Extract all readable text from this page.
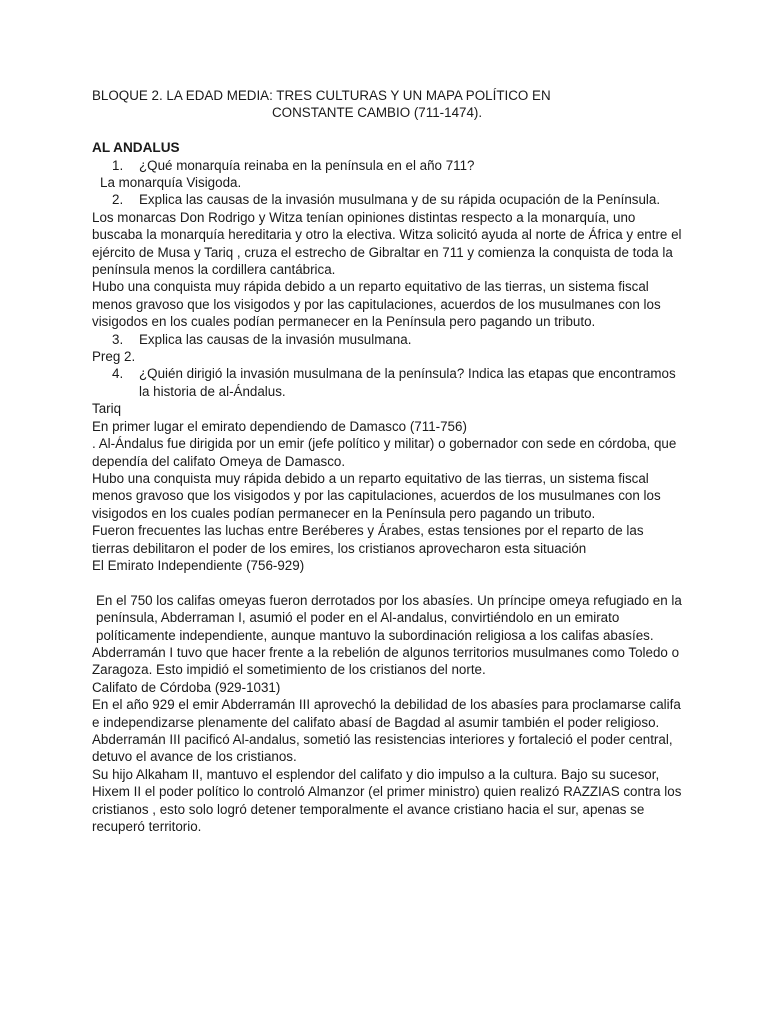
BLOQUE 2. LA EDAD MEDIA: TRES CULTURAS Y UN MAPA POLÍTICO EN
CONSTANTE CAMBIO (711-1474).
AL ANDALUS
1.	¿Qué monarquía reinaba en la península en el año 711?
La monarquía Visigoda.
2.	Explica las causas de la invasión musulmana y de su rápida ocupación de la Península.
Los monarcas Don Rodrigo y Witza tenían opiniones distintas respecto a la monarquía, uno buscaba la monarquía hereditaria y otro la electiva. Witza solicitó ayuda al norte de África y entre el ejército de Musa y Tariq , cruza el estrecho de Gibraltar en 711 y comienza la conquista de toda la península menos la cordillera cantábrica.
Hubo una conquista muy rápida debido a un reparto equitativo de las tierras, un sistema fiscal menos gravoso que los visigodos y por las capitulaciones, acuerdos de los musulmanes con los visigodos en los cuales podían permanecer en la Península pero pagando un tributo.
3.	Explica las causas de la invasión musulmana.
Preg 2.
4.	¿Quién dirigió la invasión musulmana de la península? Indica las etapas que encontramos la historia de al-Ándalus.
Tariq
En primer lugar el emirato dependiendo de Damasco (711-756)
. Al-Ándalus fue dirigida por un emir (jefe político y militar) o gobernador con sede en córdoba, que dependía del califato Omeya de Damasco.
Hubo una conquista muy rápida debido a un reparto equitativo de las tierras, un sistema fiscal menos gravoso que los visigodos y por las capitulaciones, acuerdos de los musulmanes con los visigodos en los cuales podían permanecer en la Península pero pagando un tributo.
Fueron frecuentes las luchas entre Beréberes y Árabes, estas tensiones por el reparto de las tierras debilitaron el poder de los emires, los cristianos aprovecharon esta situación
El Emirato Independiente (756-929)
En el 750 los califas omeyas fueron derrotados por los abasíes. Un príncipe omeya refugiado en la península, Abderraman I, asumió el poder en el Al-andalus, convirtiéndolo en un emirato políticamente independiente, aunque mantuvo la subordinación religiosa a los califas abasíes.
Abderramán I tuvo que hacer frente a la rebelión de algunos territorios musulmanes como Toledo o Zaragoza. Esto impidió el sometimiento de los cristianos del norte.
Califato de Córdoba (929-1031)
En el año 929 el emir Abderramán III aprovechó la debilidad de los abasíes para proclamarse califa e independizarse plenamente del califato abasí de Bagdad al asumir también el poder religioso.
Abderramán III pacificó Al-andalus, sometió las resistencias interiores y fortaleció el poder central, detuvo el avance de los cristianos.
Su hijo Alkaham II, mantuvo el esplendor del califato y dio impulso a la cultura. Bajo su sucesor, Hixem II el poder político lo controló Almanzor (el primer ministro) quien realizó RAZZIAS contra los cristianos , esto solo logró detener temporalmente el avance cristiano hacia el sur, apenas se recuperó territorio.
